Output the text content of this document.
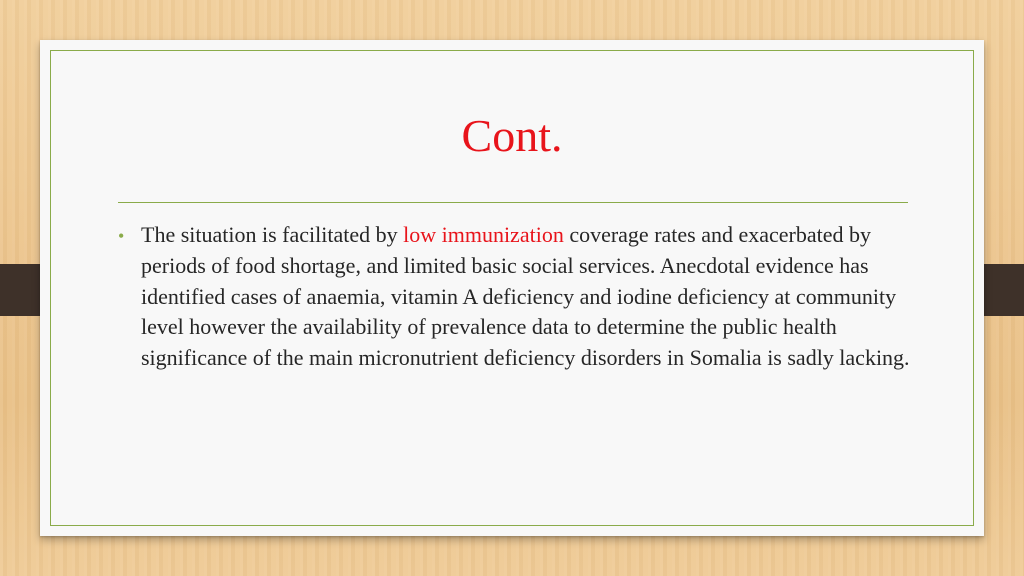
Cont.
• The situation is facilitated by low immunization coverage rates and exacerbated by periods of food shortage, and limited basic social services. Anecdotal evidence has identified cases of anaemia, vitamin A deficiency and iodine deficiency at community level however the availability of prevalence data to determine the public health significance of the main micronutrient deficiency disorders in Somalia is sadly lacking.
